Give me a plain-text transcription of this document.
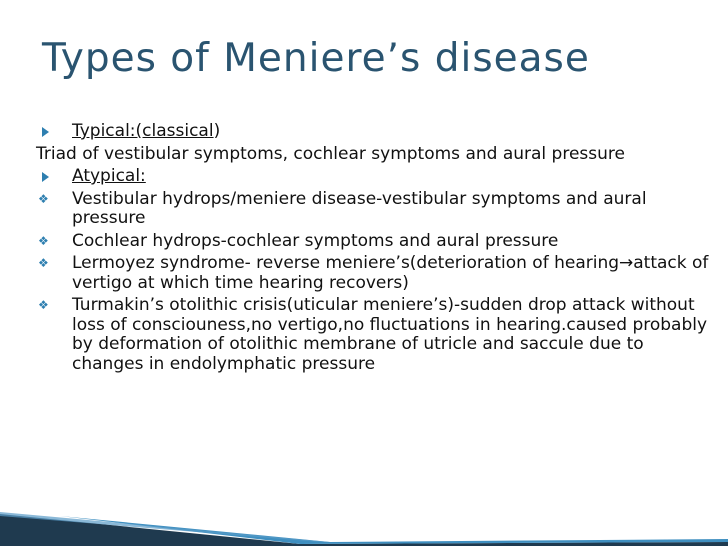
Types of Meniere’s disease
Typical:(classical)
Triad of vestibular symptoms, cochlear symptoms and aural pressure
Atypical:
❖ Vestibular hydrops/meniere disease-vestibular symptoms and aural pressure
❖ Cochlear hydrops-cochlear symptoms and aural pressure
❖ Lermoyez syndrome- reverse meniere’s(deterioration of hearing→attack of vertigo at which time hearing recovers)
❖ Turmakin’s otolithic crisis(uticular meniere’s)-sudden drop attack without loss of consciouness,no vertigo,no fluctuations in hearing.caused probably by deformation of otolithic membrane of utricle and saccule due to changes in endolymphatic pressure
